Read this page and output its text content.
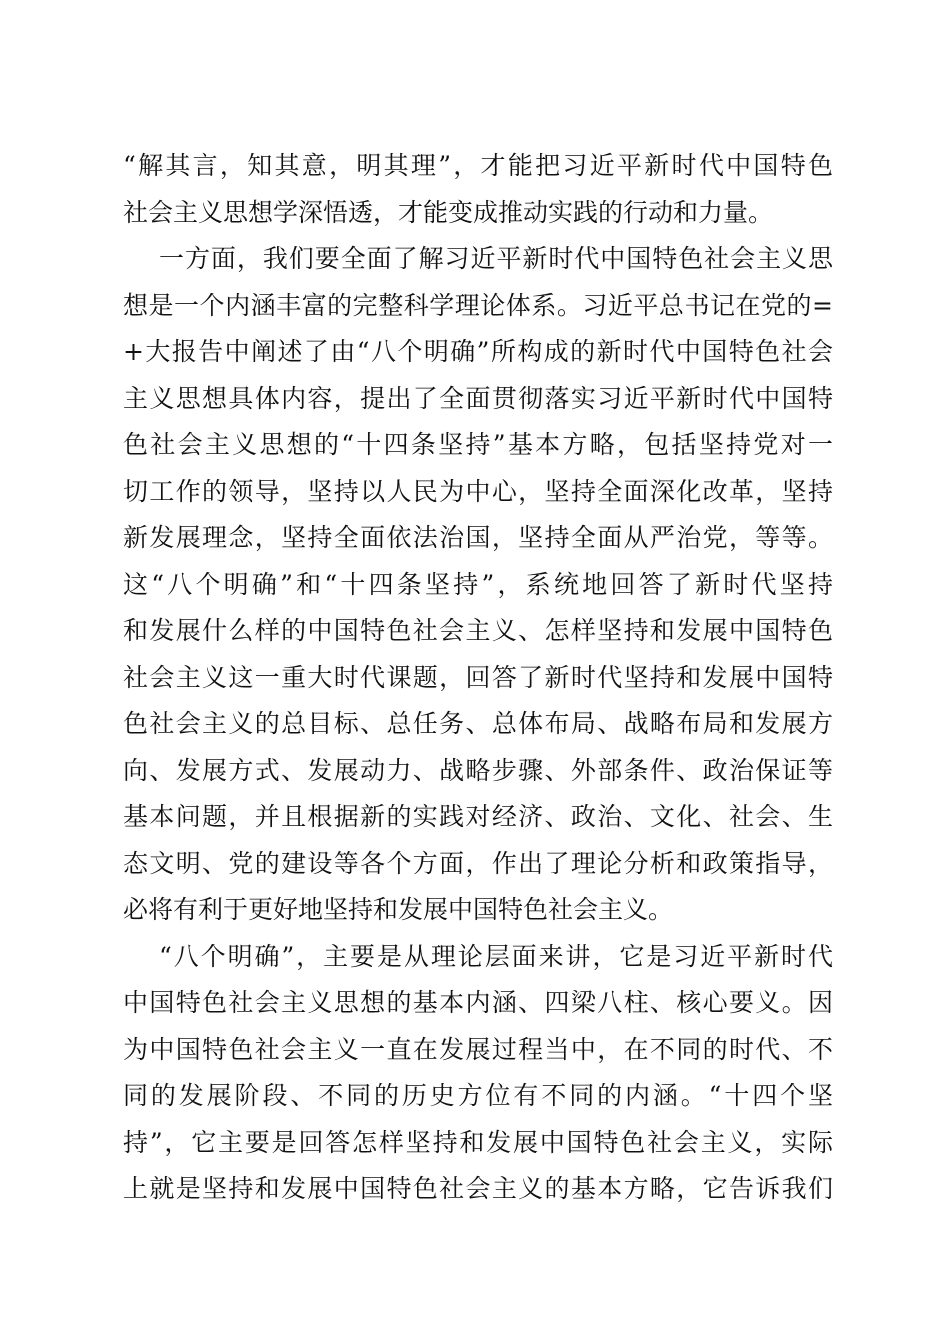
“解其言，知其意，明其理”，才能把习近平新时代中国特色
社会主义思想学深悟透，才能变成推动实践的行动和力量。
一方面，我们要全面了解习近平新时代中国特色社会主义思
想是一个内涵丰富的完整科学理论体系。习近平总书记在党的=
+大报告中阐述了由“八个明确”所构成的新时代中国特色社会
主义思想具体内容，提出了全面贯彻落实习近平新时代中国特
色社会主义思想的“十四条坚持”基本方略，包括坚持党对一
切工作的领导，坚持以人民为中心，坚持全面深化改革，坚持
新发展理念，坚持全面依法治国，坚持全面从严治党，等等。
这“八个明确”和“十四条坚持”，系统地回答了新时代坚持
和发展什么样的中国特色社会主义、怎样坚持和发展中国特色
社会主义这一重大时代课题，回答了新时代坚持和发展中国特
色社会主义的总目标、总任务、总体布局、战略布局和发展方
向、发展方式、发展动力、战略步骤、外部条件、政治保证等
基本问题，并且根据新的实践对经济、政治、文化、社会、生
态文明、党的建设等各个方面，作出了理论分析和政策指导，
必将有利于更好地坚持和发展中国特色社会主义。
“八个明确”，主要是从理论层面来讲，它是习近平新时代
中国特色社会主义思想的基本内涵、四梁八柱、核心要义。因
为中国特色社会主义一直在发展过程当中，在不同的时代、不
同的发展阶段、不同的历史方位有不同的内涵。“十四个坚
持”，它主要是回答怎样坚持和发展中国特色社会主义，实际
上就是坚持和发展中国特色社会主义的基本方略，它告诉我们
